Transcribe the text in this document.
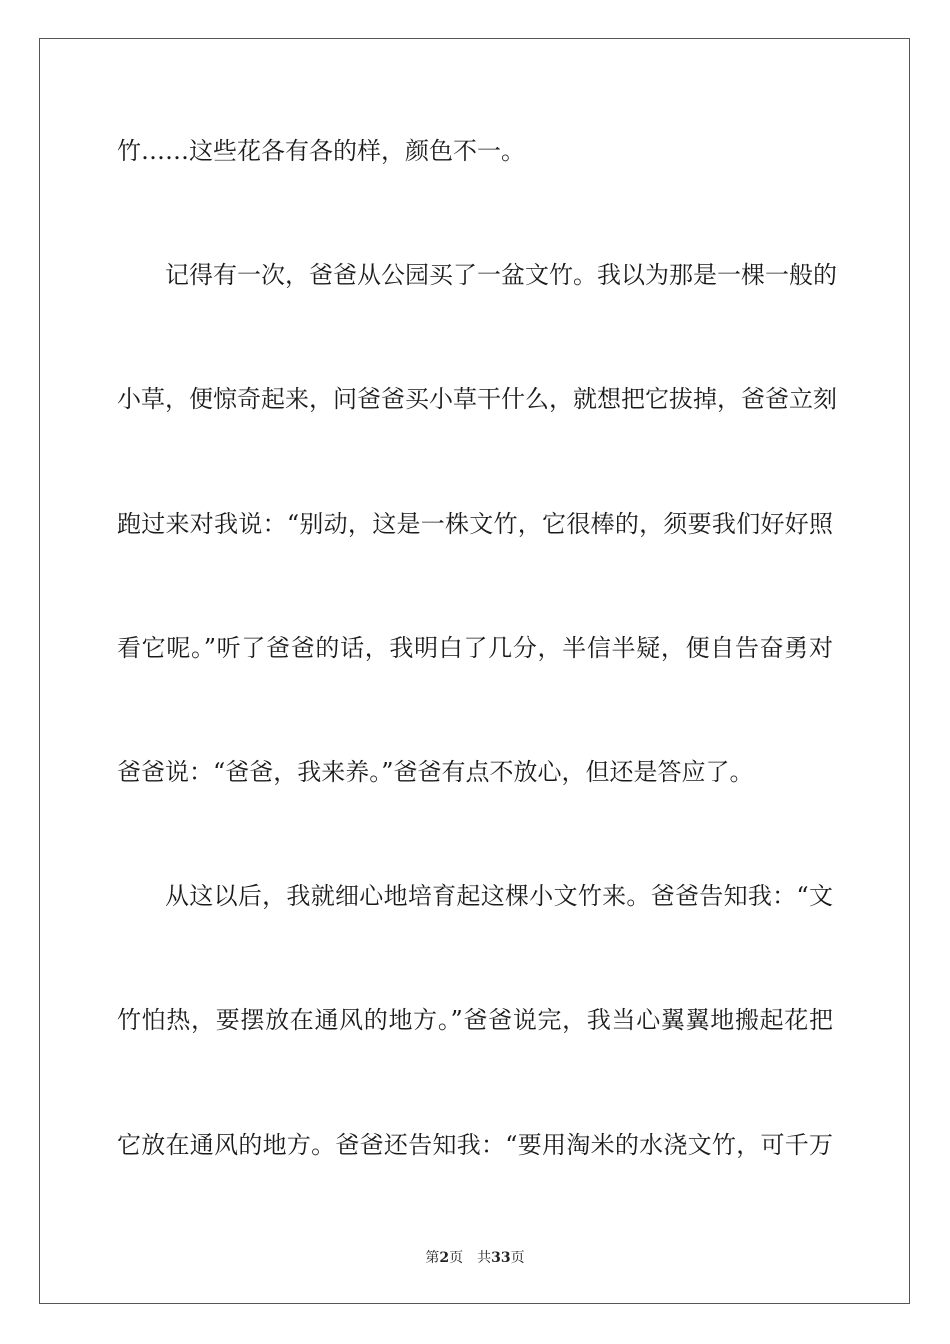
竹……这些花各有各的样，颜色不一。
记得有一次，爸爸从公园买了一盆文竹。我以为那是一棵一般的
小草，便惊奇起来，问爸爸买小草干什么，就想把它拔掉，爸爸立刻
跑过来对我说：“别动，这是一株文竹，它很棒的，须要我们好好照
看它呢。”听了爸爸的话，我明白了几分，半信半疑，便自告奋勇对
爸爸说：“爸爸，我来养。”爸爸有点不放心，但还是答应了。
从这以后，我就细心地培育起这棵小文竹来。爸爸告知我：“文
竹怕热，要摆放在通风的地方。”爸爸说完，我当心翼翼地搬起花把
它放在通风的地方。爸爸还告知我：“要用淘米的水浇文竹，可千万
第2页 共33页
